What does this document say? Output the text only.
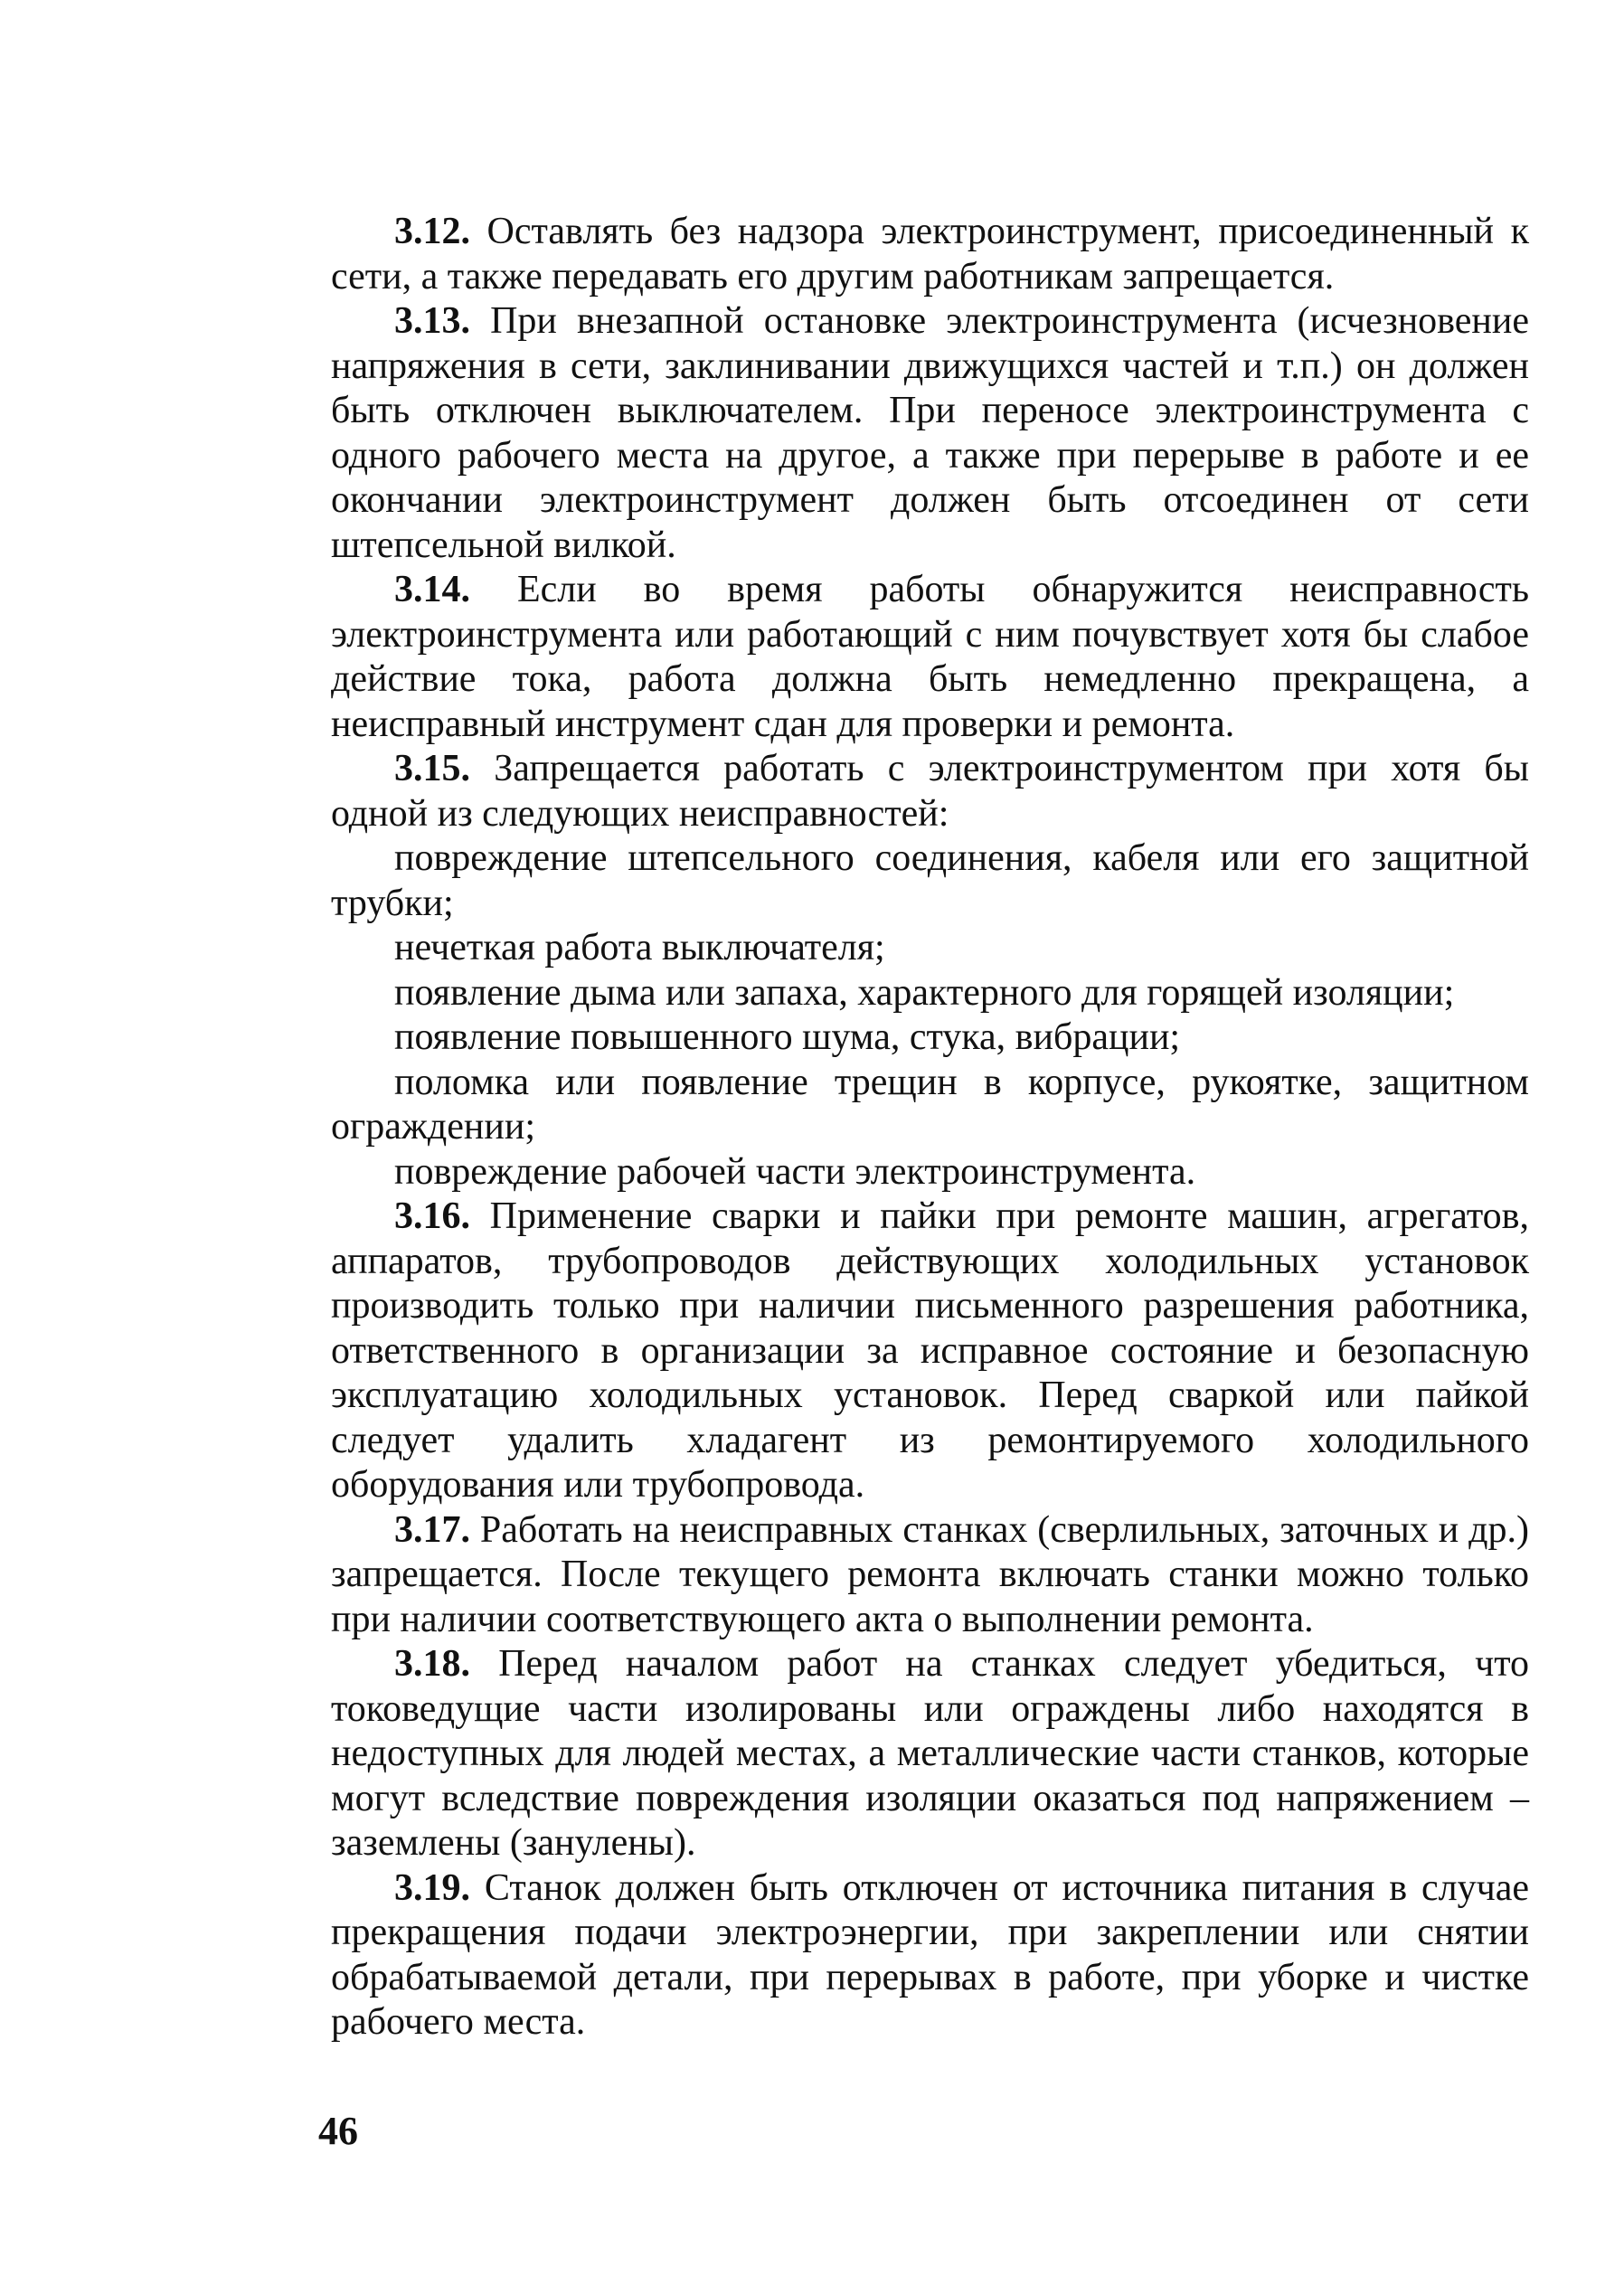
3.12. Оставлять без надзора электроинструмент, присоединенный к сети, а также передавать его другим работникам запрещается.

3.13. При внезапной остановке электроинструмента (исчезновение напряжения в сети, заклинивании движущихся частей и т.п.) он должен быть отключен выключателем. При переносе электроинструмента с одного рабочего места на другое, а также при перерыве в работе и ее окончании электроинструмент должен быть отсоединен от сети штепсельной вилкой.

3.14. Если во время работы обнаружится неисправность электроинструмента или работающий с ним почувствует хотя бы слабое действие тока, работа должна быть немедленно прекращена, а неисправный инструмент сдан для проверки и ремонта.

3.15. Запрещается работать с электроинструментом при хотя бы одной из следующих неисправностей:

повреждение штепсельного соединения, кабеля или его защитной трубки;

нечеткая работа выключателя;

появление дыма или запаха, характерного для горящей изоляции;

появление повышенного шума, стука, вибрации;

поломка или появление трещин в корпусе, рукоятке, защитном ограждении;

повреждение рабочей части электроинструмента.

3.16. Применение сварки и пайки при ремонте машин, агрегатов, аппаратов, трубопроводов действующих холодильных установок производить только при наличии письменного разрешения работника, ответственного в организации за исправное состояние и безопасную эксплуатацию холодильных установок. Перед сваркой или пайкой следует удалить хладагент из ремонтируемого холодильного оборудования или трубопровода.

3.17. Работать на неисправных станках (сверлильных, заточных и др.) запрещается. После текущего ремонта включать станки можно только при наличии соответствующего акта о выполнении ремонта.

3.18. Перед началом работ на станках следует убедиться, что токоведущие части изолированы или ограждены либо находятся в недоступных для людей местах, а металлические части станков, которые могут вследствие повреждения изоляции оказаться под напряжением – заземлены (занулены).

3.19. Станок должен быть отключен от источника питания в случае прекращения подачи электроэнергии, при закреплении или снятии обрабатываемой детали, при перерывах в работе, при уборке и чистке рабочего места.

46
